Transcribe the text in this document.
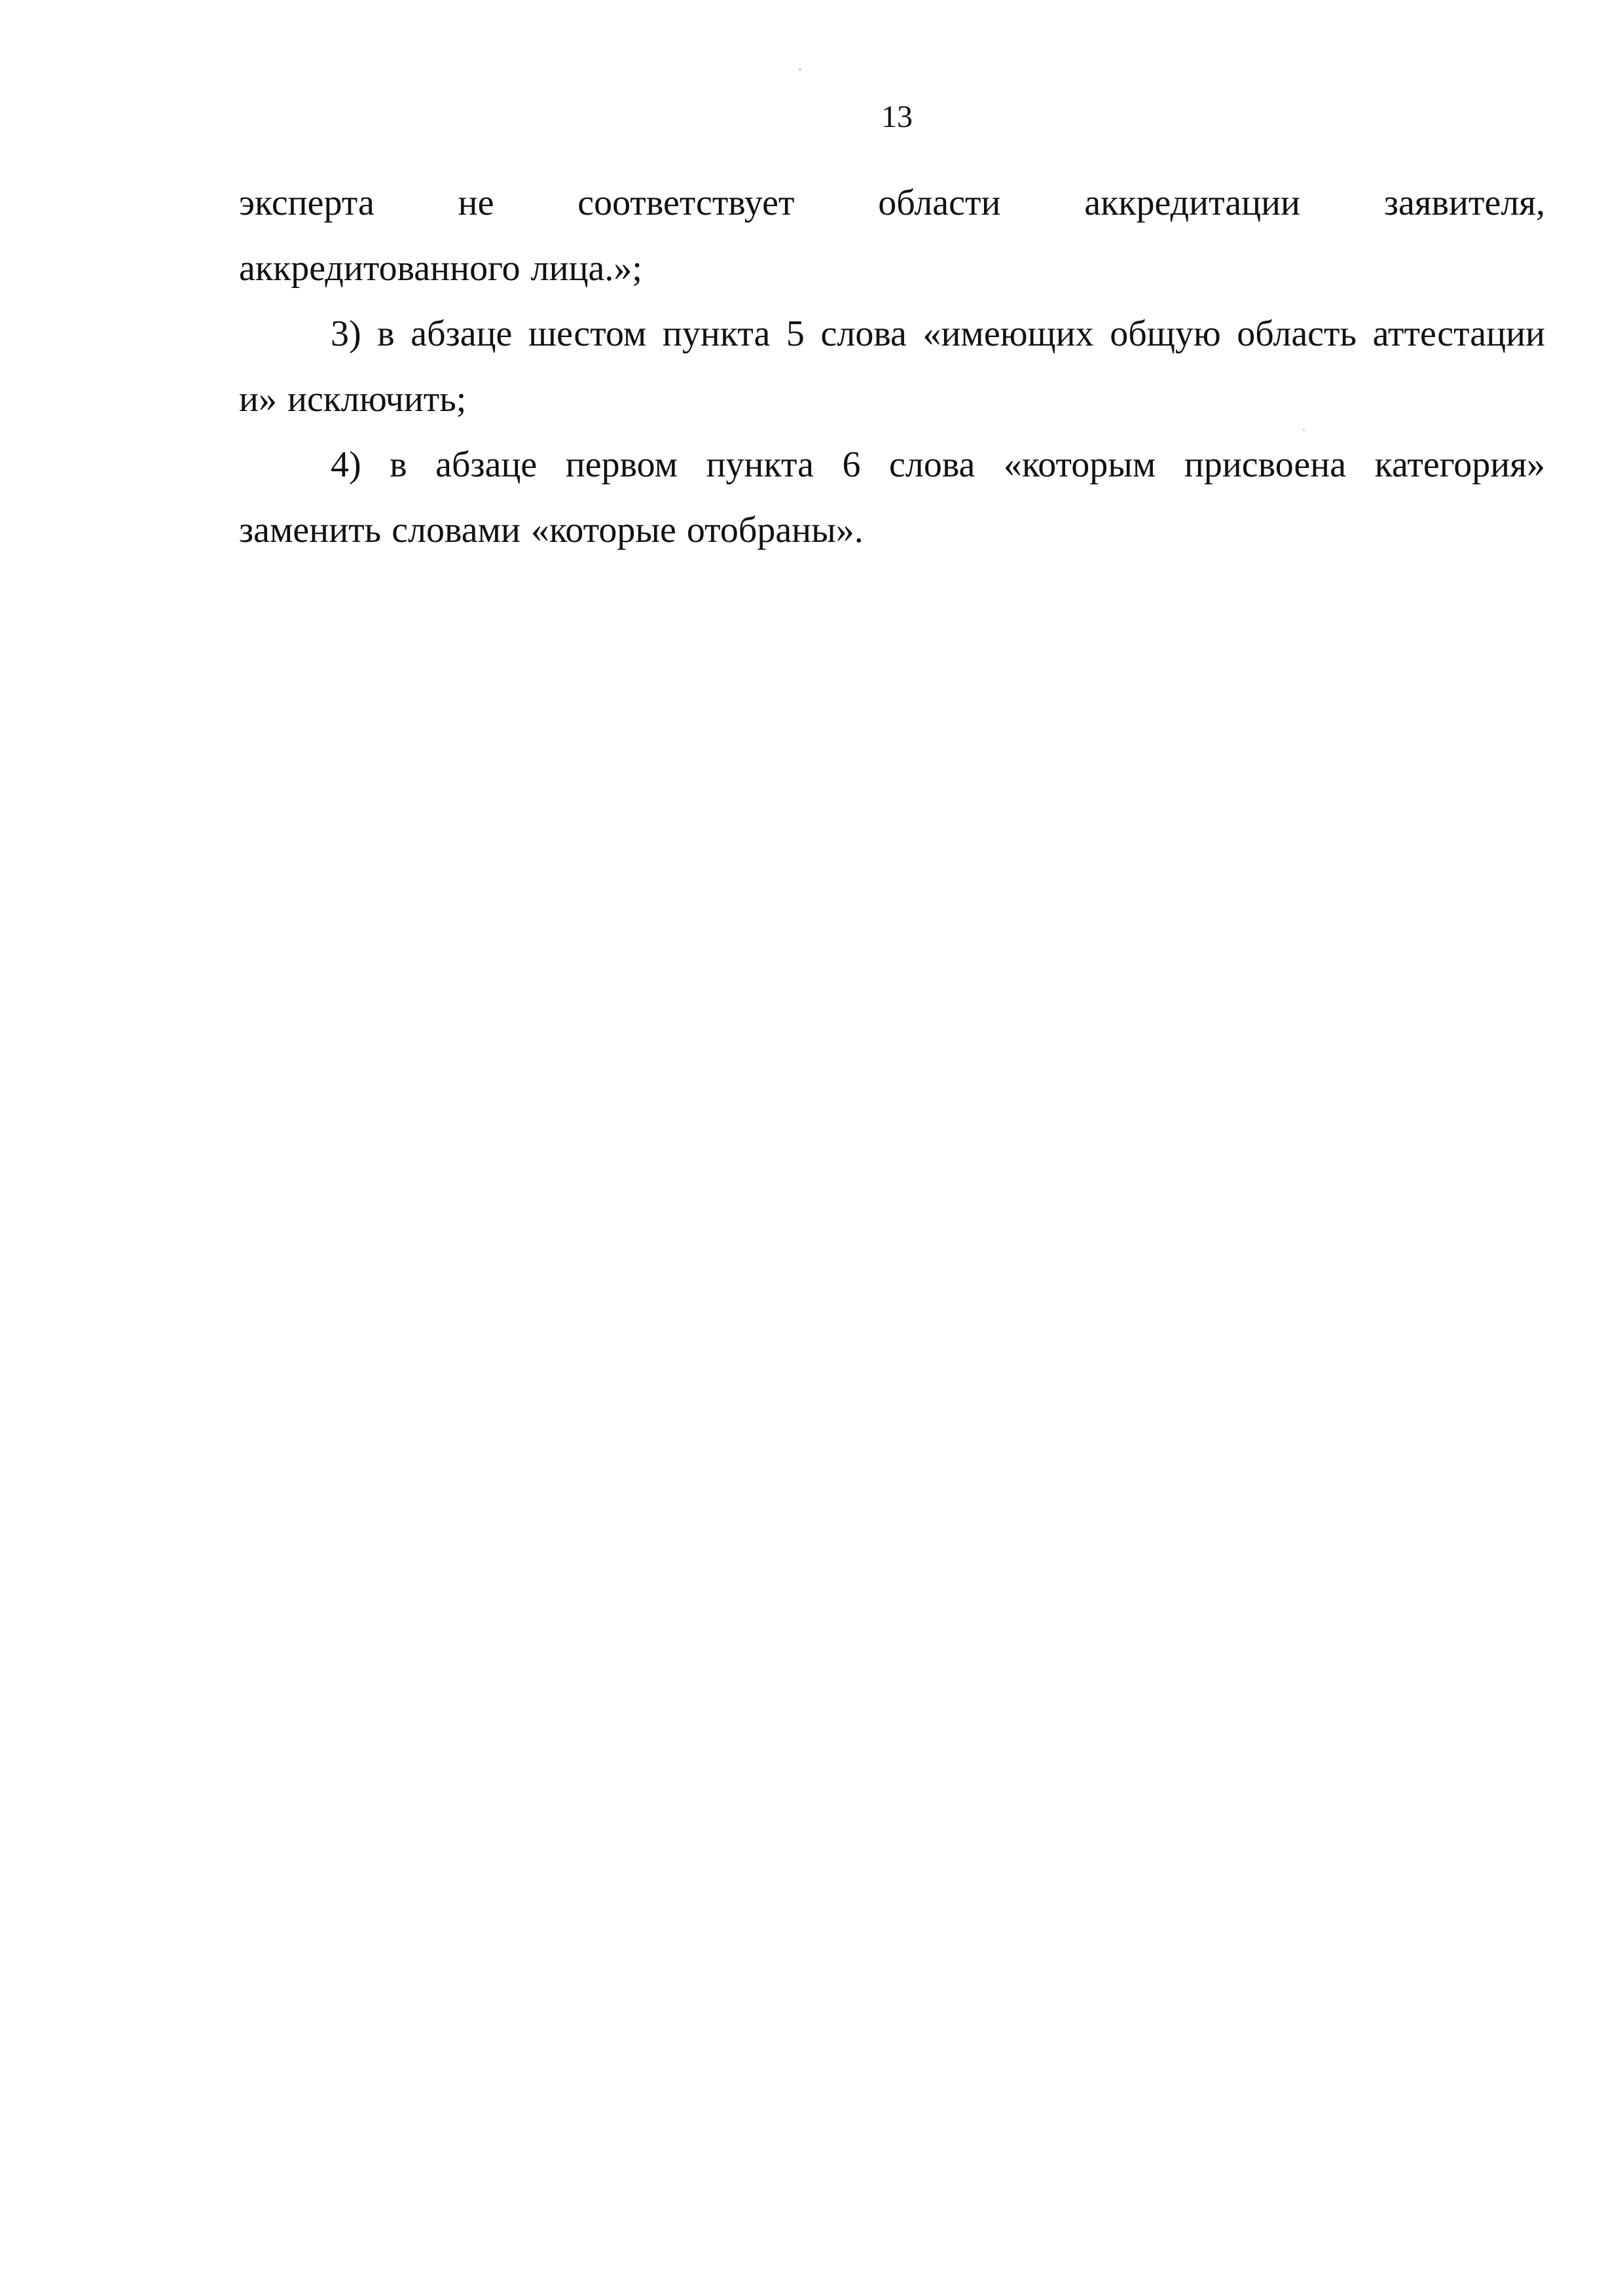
13

эксперта не соответствует области аккредитации заявителя,
аккредитованного лица.»;

3) в абзаце шестом пункта 5 слова «имеющих общую область аттестации
и» исключить;

4) в абзаце первом пункта 6 слова «которым присвоена категория»
заменить словами «которые отобраны».
